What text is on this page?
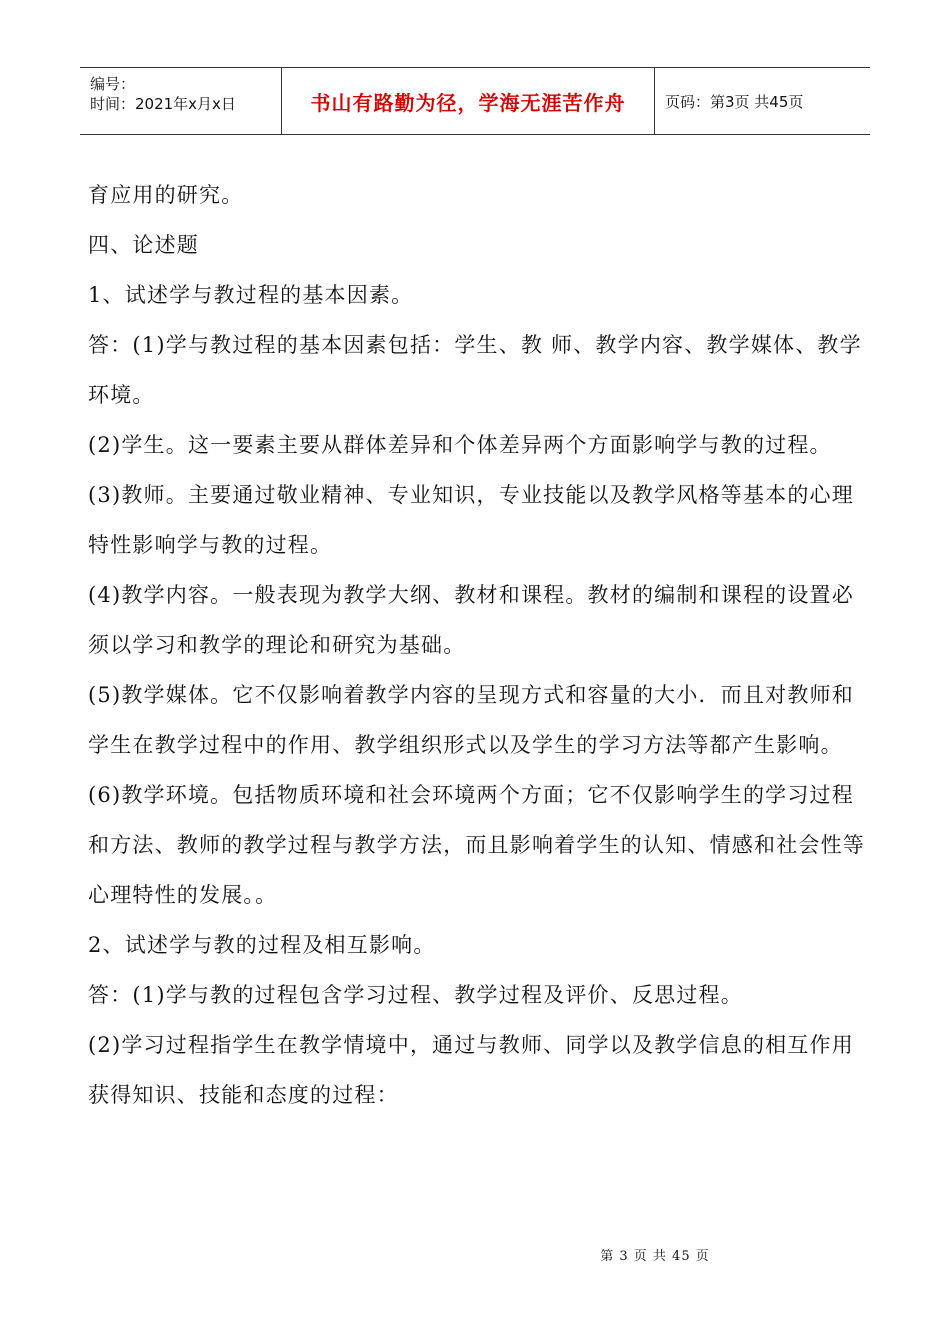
编号：
时间：2021年x月x日	书山有路勤为径，学海无涯苦作舟	页码：第3页 共45页

育应用的研究。

四、论述题

1、试述学与教过程的基本因素。

答：(1)学与教过程的基本因素包括：学生、教 师、教学内容、教学媒体、教学环境。

(2)学生。这一要素主要从群体差异和个体差异两个方面影响学与教的过程。

(3)教师。主要通过敬业精神、专业知识，专业技能以及教学风格等基本的心理特性影响学与教的过程。

(4)教学内容。一般表现为教学大纲、教材和课程。教材的编制和课程的设置必须以学习和教学的理论和研究为基础。

(5)教学媒体。它不仅影响着教学内容的呈现方式和容量的大小．而且对教师和学生在教学过程中的作用、教学组织形式以及学生的学习方法等都产生影响。

(6)教学环境。包括物质环境和社会环境两个方面；它不仅影响学生的学习过程和方法、教师的教学过程与教学方法，而且影响着学生的认知、情感和社会性等心理特性的发展。。

2、试述学与教的过程及相互影响。

答：(1)学与教的过程包含学习过程、教学过程及评价、反思过程。

(2)学习过程指学生在教学情境中，通过与教师、同学以及教学信息的相互作用获得知识、技能和态度的过程：

第 3 页 共 45 页
